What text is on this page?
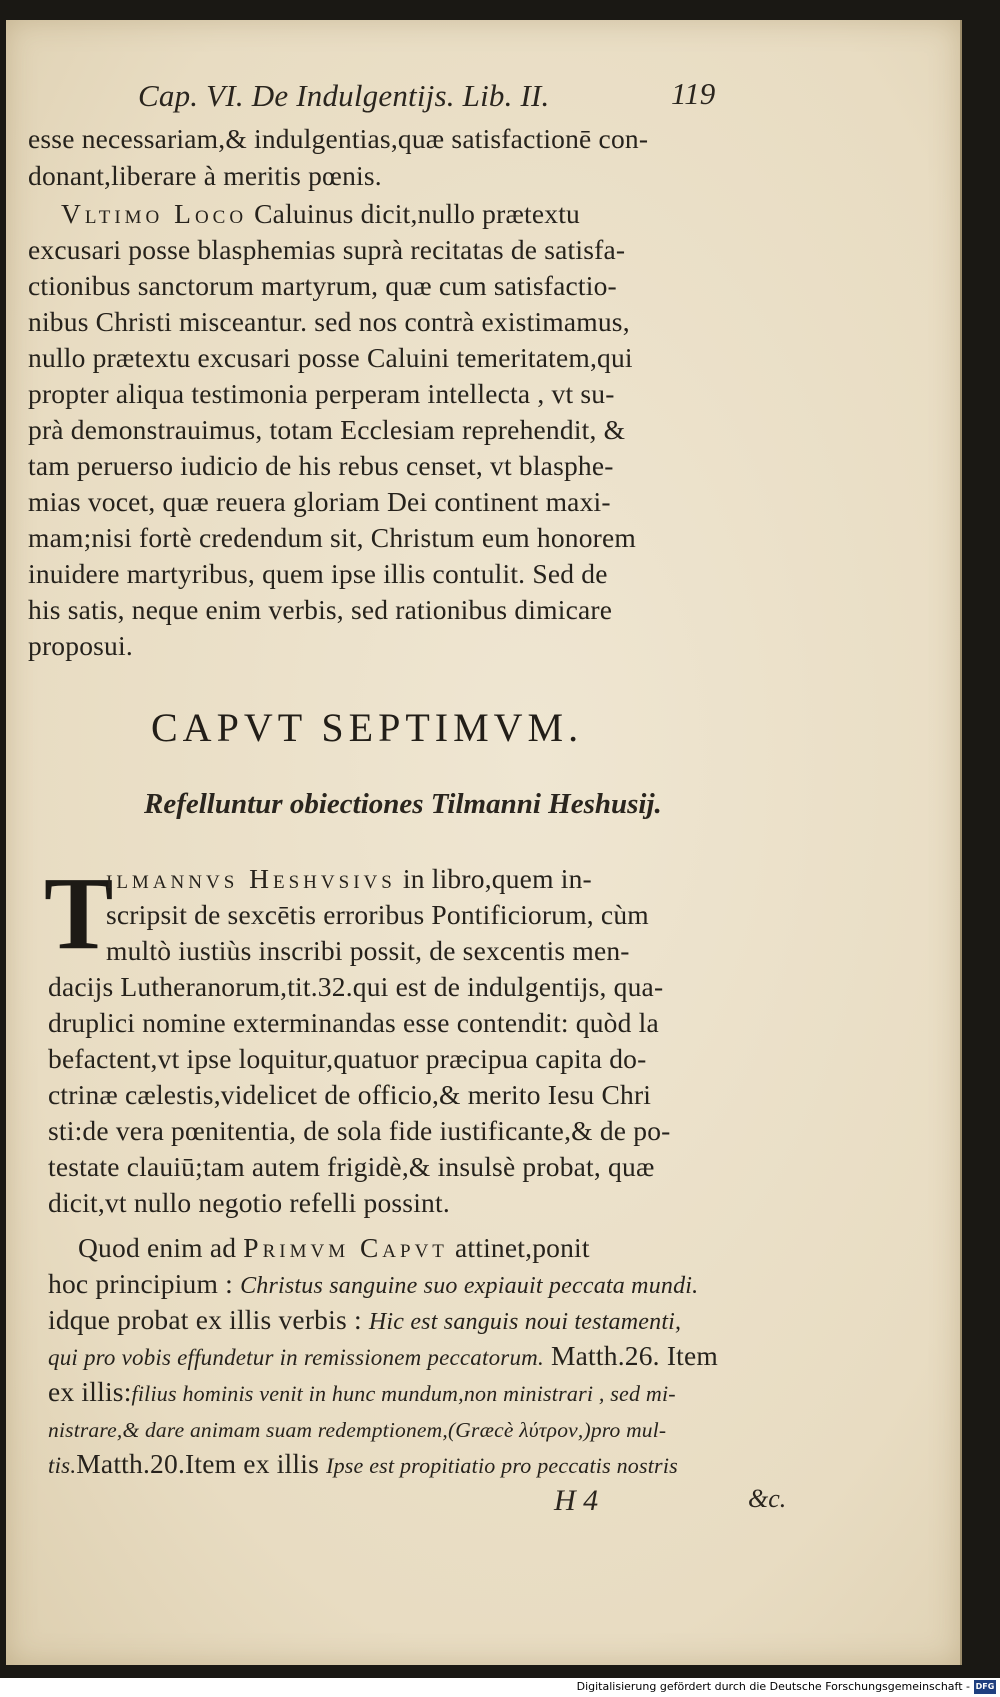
Cap. VI. De Indulgentijs. Lib. II.	119
esse necessariam,& indulgentias,quæ satisfactionē con-
donant,liberare à meritis pœnis.
Vltimo Loco Caluinus dicit,nullo prætextu
excusari posse blasphemias suprà recitatas de satisfa-
ctionibus sanctorum martyrum, quæ cum satisfactio-
nibus Christi misceantur. sed nos contrà existimamus,
nullo prætextu excusari posse Caluini temeritatem,qui
propter aliqua testimonia perperam intellecta , vt su-
prà demonstrauimus, totam Ecclesiam reprehendit, &
tam peruerso iudicio de his rebus censet, vt blasphe-
mias vocet, quæ reuera gloriam Dei continent maxi-
mam;nisi fortè credendum sit, Christum eum honorem
inuidere martyribus, quem ipse illis contulit. Sed de
his satis, neque enim verbis, sed rationibus dimicare
proposui.
CAPVT SEPTIMVM.
Refelluntur obiectiones Tilmanni Heshusij.
T
ilmannvs Heshvsivs in libro,quem in-
scripsit de sexcētis erroribus Pontificiorum, cùm
multò iustiùs inscribi possit, de sexcentis men-
dacijs Lutheranorum,tit.32.qui est de indulgentijs, qua-
druplici nomine exterminandas esse contendit: quòd la
befactent,vt ipse loquitur,quatuor præcipua capita do-
ctrinæ cælestis,videlicet de officio,& merito Iesu Chri
sti:de vera pœnitentia, de sola fide iustificante,& de po-
testate clauiū;tam autem frigidè,& insulsè probat, quæ
dicit,vt nullo negotio refelli possint.
Quod enim ad Primvm Capvt attinet,ponit
hoc principium : Christus sanguine suo expiauit peccata mundi.
idque probat ex illis verbis : Hic est sanguis noui testamenti,
qui pro vobis effundetur in remissionem peccatorum. Matth.26. Item
ex illis:filius hominis venit in hunc mundum,non ministrari , sed mi-
nistrare,& dare animam suam redemptionem,(Græcè λύτρον,)pro mul-
tis.Matth.20.Item ex illis Ipse est propitiatio pro peccatis nostris
H 4	&c.
Digitalisierung gefördert durch die Deutsche Forschungsgemeinschaft - DFG
